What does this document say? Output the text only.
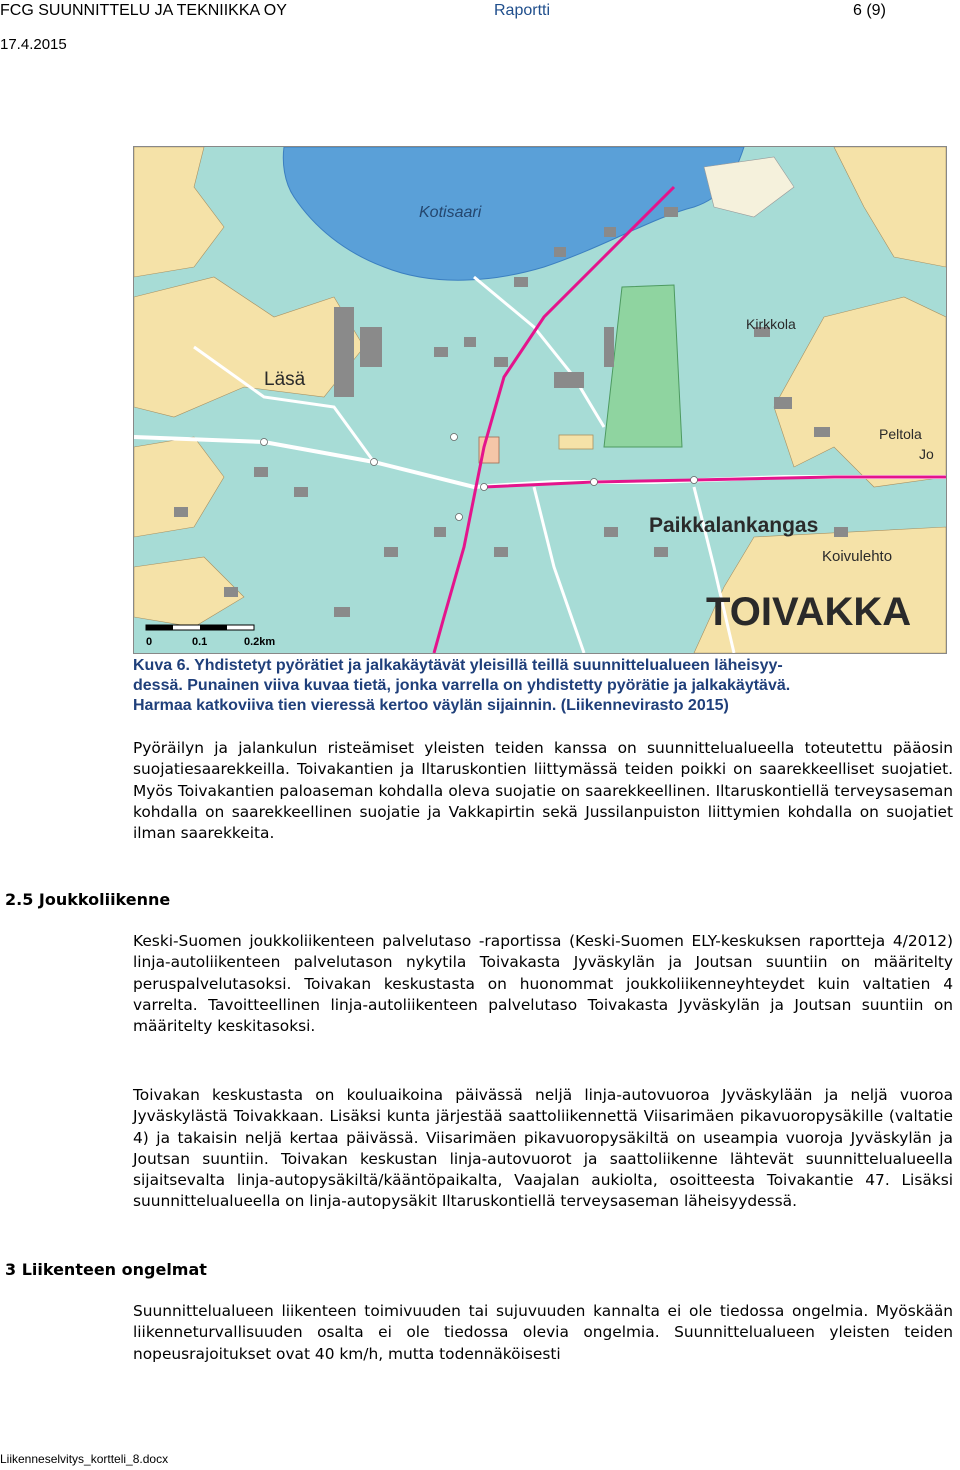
FCG SUUNNITTELU JA TEKNIIKKA OY	Raportti	6 (9)
17.4.2015
Kotisaari
Läsä
Kirkkola
Peltola
Jo
Paikkalankangas
Koivulehto
TOIVAKKA
0	0.1	0.2km
Kuva 6. Yhdistetyt pyörätiet ja jalkakäytävät yleisillä teillä suunnittelualueen läheisyy-
dessä. Punainen viiva kuvaa tietä, jonka varrella on yhdistetty pyörätie ja jalkakäytävä.
Harmaa katkoviiva tien vieressä kertoo väylän sijainnin. (Liikennevirasto 2015)
Pyöräilyn ja jalankulun risteämiset yleisten teiden kanssa on suunnittelualueella toteutettu pääosin suojatiesaarekkeilla. Toivakantien ja Iltaruskontien liittymässä teiden poikki on saarekkeelliset suojatiet. Myös Toivakantien paloaseman kohdalla oleva suojatie on saarekkeellinen. Iltaruskontiellä terveysaseman kohdalla on saarekkeellinen suojatie ja Vakkapirtin sekä Jussilanpuiston liittymien kohdalla on suojatiet ilman saarekkeita.
2.5 Joukkoliikenne
Keski-Suomen joukkoliikenteen palvelutaso -raportissa (Keski-Suomen ELY-keskuksen raportteja 4/2012) linja-autoliikenteen palvelutason nykytila Toivakasta Jyväskylän ja Joutsan suuntiin on määritelty peruspalvelutasoksi. Toivakan keskustasta on huonommat joukkoliikenneyhteydet kuin valtatien 4 varrelta. Tavoitteellinen linja-autoliikenteen palvelutaso Toivakasta Jyväskylän ja Joutsan suuntiin on määritelty keskitasoksi.
Toivakan keskustasta on kouluaikoina päivässä neljä linja-autovuoroa Jyväskylään ja neljä vuoroa Jyväskylästä Toivakkaan. Lisäksi kunta järjestää saattoliikennettä Viisarimäen pikavuoropysäkille (valtatie 4) ja takaisin neljä kertaa päivässä. Viisarimäen pikavuoropysäkiltä on useampia vuoroja Jyväskylän ja Joutsan suuntiin. Toivakan keskustan linja-autovuorot ja saattoliikenne lähtevät suunnittelualueella sijaitsevalta linja-autopysäkiltä/kääntöpaikalta, Vaajalan aukiolta, osoitteesta Toivakantie 47. Lisäksi suunnittelualueella on linja-autopysäkit Iltaruskontiellä terveysaseman läheisyydessä.
3 Liikenteen ongelmat
Suunnittelualueen liikenteen toimivuuden tai sujuvuuden kannalta ei ole tiedossa ongelmia. Myöskään liikenneturvallisuuden osalta ei ole tiedossa olevia ongelmia. Suunnittelualueen yleisten teiden nopeusrajoitukset ovat 40 km/h, mutta todennäköisesti
Liikenneselvitys_kortteli_8.docx
